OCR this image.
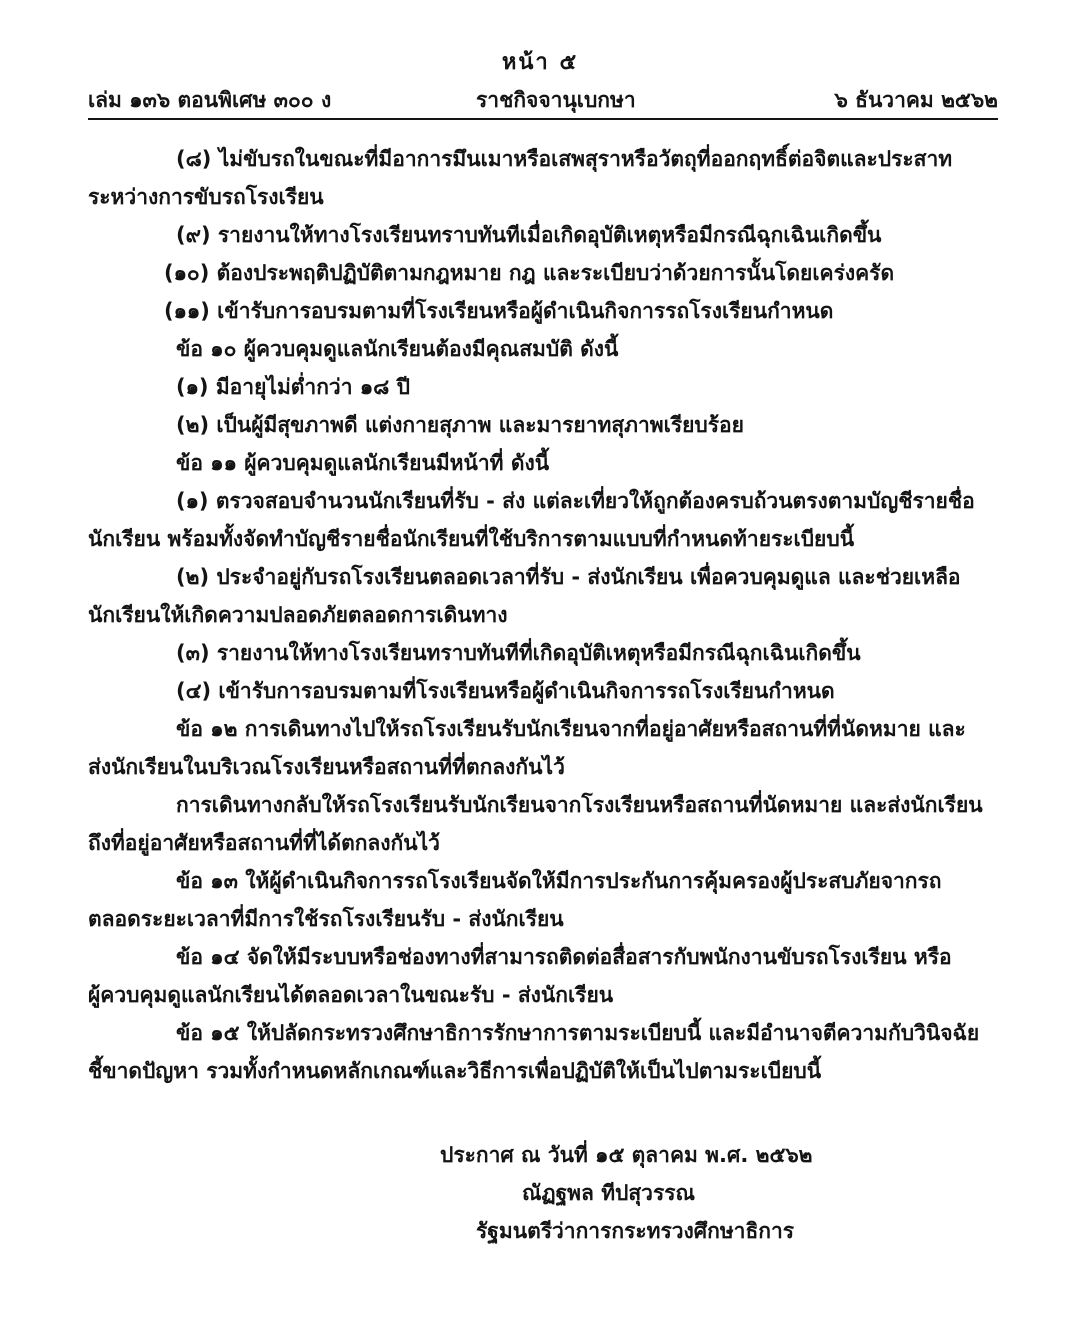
หน้า ๕
เล่ม ๑๓๖ ตอนพิเศษ ๓๐๐ ง	ราชกิจจานุเบกษา	๖ ธันวาคม ๒๕๖๒
(๘) ไม่ขับรถในขณะที่มีอาการมึนเมาหรือเสพสุราหรือวัตถุที่ออกฤทธิ์ต่อจิตและประสาท
ระหว่างการขับรถโรงเรียน
(๙) รายงานให้ทางโรงเรียนทราบทันทีเมื่อเกิดอุบัติเหตุหรือมีกรณีฉุกเฉินเกิดขึ้น
(๑๐) ต้องประพฤติปฏิบัติตามกฎหมาย กฎ และระเบียบว่าด้วยการนั้นโดยเคร่งครัด
(๑๑) เข้ารับการอบรมตามที่โรงเรียนหรือผู้ดำเนินกิจการรถโรงเรียนกำหนด
ข้อ ๑๐ ผู้ควบคุมดูแลนักเรียนต้องมีคุณสมบัติ ดังนี้
(๑) มีอายุไม่ต่ำกว่า ๑๘ ปี
(๒) เป็นผู้มีสุขภาพดี แต่งกายสุภาพ และมารยาทสุภาพเรียบร้อย
ข้อ ๑๑ ผู้ควบคุมดูแลนักเรียนมีหน้าที่ ดังนี้
(๑) ตรวจสอบจำนวนนักเรียนที่รับ - ส่ง แต่ละเที่ยวให้ถูกต้องครบถ้วนตรงตามบัญชีรายชื่อ
นักเรียน พร้อมทั้งจัดทำบัญชีรายชื่อนักเรียนที่ใช้บริการตามแบบที่กำหนดท้ายระเบียบนี้
(๒) ประจำอยู่กับรถโรงเรียนตลอดเวลาที่รับ - ส่งนักเรียน เพื่อควบคุมดูแล และช่วยเหลือ
นักเรียนให้เกิดความปลอดภัยตลอดการเดินทาง
(๓) รายงานให้ทางโรงเรียนทราบทันทีที่เกิดอุบัติเหตุหรือมีกรณีฉุกเฉินเกิดขึ้น
(๔) เข้ารับการอบรมตามที่โรงเรียนหรือผู้ดำเนินกิจการรถโรงเรียนกำหนด
ข้อ ๑๒ การเดินทางไปให้รถโรงเรียนรับนักเรียนจากที่อยู่อาศัยหรือสถานที่ที่นัดหมาย และ
ส่งนักเรียนในบริเวณโรงเรียนหรือสถานที่ที่ตกลงกันไว้
การเดินทางกลับให้รถโรงเรียนรับนักเรียนจากโรงเรียนหรือสถานที่นัดหมาย และส่งนักเรียน
ถึงที่อยู่อาศัยหรือสถานที่ที่ได้ตกลงกันไว้
ข้อ ๑๓ ให้ผู้ดำเนินกิจการรถโรงเรียนจัดให้มีการประกันการคุ้มครองผู้ประสบภัยจากรถ
ตลอดระยะเวลาที่มีการใช้รถโรงเรียนรับ - ส่งนักเรียน
ข้อ ๑๔ จัดให้มีระบบหรือช่องทางที่สามารถติดต่อสื่อสารกับพนักงานขับรถโรงเรียน หรือ
ผู้ควบคุมดูแลนักเรียนได้ตลอดเวลาในขณะรับ - ส่งนักเรียน
ข้อ ๑๕ ให้ปลัดกระทรวงศึกษาธิการรักษาการตามระเบียบนี้ และมีอำนาจตีความกับวินิจฉัย
ชี้ขาดปัญหา รวมทั้งกำหนดหลักเกณฑ์และวิธีการเพื่อปฏิบัติให้เป็นไปตามระเบียบนี้
ประกาศ ณ วันที่ ๑๕ ตุลาคม พ.ศ. ๒๕๖๒
ณัฏฐพล ทีปสุวรรณ
รัฐมนตรีว่าการกระทรวงศึกษาธิการ
